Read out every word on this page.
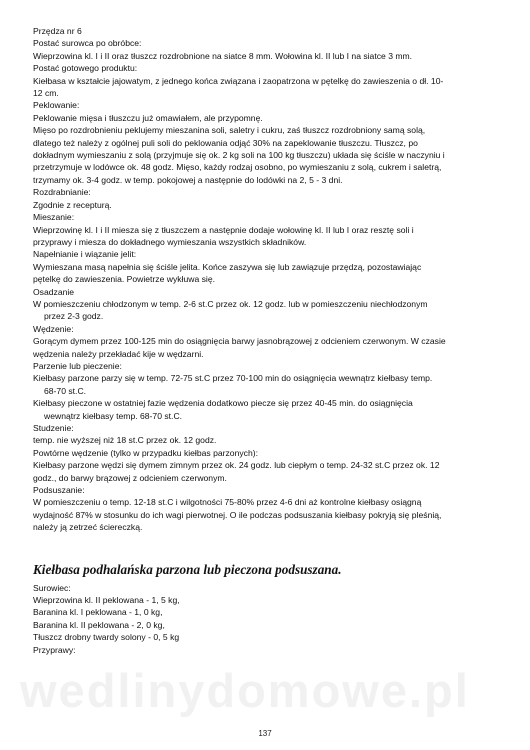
wedlinydomowe.pl
Przędza nr 6
Postać surowca po obróbce:
Wieprzowina kl. I i II oraz tłuszcz rozdrobnione na siatce 8 mm. Wołowina kl. II lub I na siatce 3 mm.
Postać gotowego produktu:
Kiełbasa w kształcie jajowatym, z jednego końca związana i zaopatrzona w pętelkę do zawieszenia o dł. 10-
12 cm.
Peklowanie:
Peklowanie mięsa i tłuszczu już omawiałem, ale przypomnę.
Mięso po rozdrobnieniu peklujemy mieszanina soli, saletry i cukru, zaś tłuszcz rozdrobniony samą solą,
dlatego też należy z ogólnej puli soli do peklowania odjąć 30% na zapeklowanie tłuszczu. Tłuszcz, po
dokładnym wymieszaniu z solą (przyjmuje się ok. 2 kg soli na 100 kg tłuszczu) układa się ściśle w naczyniu i
przetrzymuje w lodówce ok. 48 godz. Mięso, każdy rodzaj osobno, po wymieszaniu z solą, cukrem i saletrą,
trzymamy ok. 3-4 godz. w temp. pokojowej a następnie do lodówki na 2, 5 - 3 dni.
Rozdrabnianie:
Zgodnie z recepturą.
Mieszanie:
Wieprzowinę kl. I i II miesza się z tłuszczem a następnie dodaje wołowinę kl. II lub I oraz resztę soli i
przyprawy i miesza do dokładnego wymieszania wszystkich składników.
Napełnianie i wiązanie jelit:
Wymieszana masą napełnia się ściśle jelita. Końce zaszywa się lub zawiązuje przędzą, pozostawiając
pętelkę do zawieszenia. Powietrze wykłuwa się.
Osadzanie
W pomieszczeniu chłodzonym w temp. 2-6 st.C przez ok. 12 godz. lub w pomieszczeniu niechłodzonym
przez 2-3 godz.
Wędzenie:
Gorącym dymem przez 100-125 min do osiągnięcia barwy jasnobrązowej z odcieniem czerwonym. W czasie
wędzenia należy przekładać kije w wędzarni.
Parzenie lub pieczenie:
Kiełbasy parzone parzy się w temp. 72-75 st.C przez 70-100 min do osiągnięcia wewnątrz kiełbasy temp.
68-70 st.C.
Kiełbasy pieczone w ostatniej fazie wędzenia dodatkowo piecze się przez 40-45 min. do osiągnięcia
wewnątrz kiełbasy temp. 68-70 st.C.
Studzenie:
temp. nie wyższej niż 18 st.C przez ok. 12 godz.
Powtórne wędzenie (tylko w przypadku kiełbas parzonych):
Kiełbasy parzone wędzi się dymem zimnym przez ok. 24 godz. lub ciepłym o temp. 24-32 st.C przez ok. 12
godz., do barwy brązowej z odcieniem czerwonym.
Podsuszanie:
W pomieszczeniu o temp. 12-18 st.C i wilgotności 75-80% przez 4-6 dni aż kontrolne kiełbasy osiągną
wydajność 87% w stosunku do ich wagi pierwotnej. O ile podczas podsuszania kiełbasy pokryją się pleśnią,
należy ją zetrzeć ściereczką.
Kiełbasa podhalańska parzona lub pieczona podsuszana.
Surowiec:
Wieprzowina kl. II peklowana - 1, 5 kg,
Baranina kl. I peklowana - 1, 0 kg,
Baranina kl. II peklowana - 2, 0 kg,
Tłuszcz drobny twardy solony - 0, 5 kg
Przyprawy:
137
